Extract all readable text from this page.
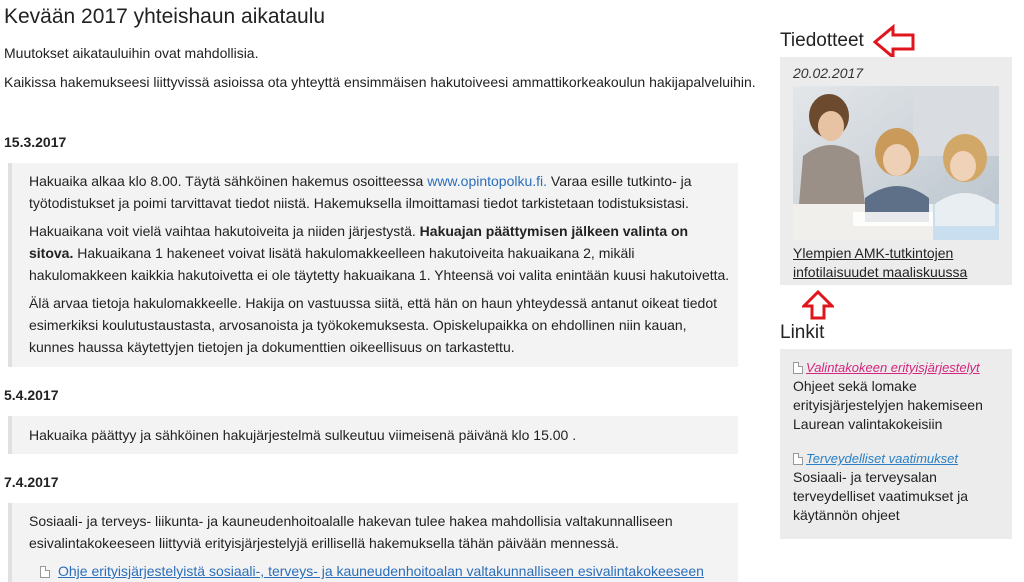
Kevään 2017 yhteishaun aikataulu

Muutokset aikatauluihin ovat mahdollisia.

Kaikissa hakemukseesi liittyvissä asioissa ota yhteyttä ensimmäisen hakutoiveesi ammattikorkeakoulun hakijapalveluihin.

15.3.2017

Hakuaika alkaa klo 8.00. Täytä sähköinen hakemus osoitteessa www.opintopolku.fi. Varaa esille tutkinto- ja työtodistukset ja poimi tarvittavat tiedot niistä. Hakemuksella ilmoittamasi tiedot tarkistetaan todistuksistasi.

Hakuaikana voit vielä vaihtaa hakutoiveita ja niiden järjestystä. Hakuajan päättymisen jälkeen valinta on sitova. Hakuaikana 1 hakeneet voivat lisätä hakulomakkeelleen hakutoiveita hakuaikana 2, mikäli hakulomakkeen kaikkia hakutoivetta ei ole täytetty hakuaikana 1. Yhteensä voi valita enintään kuusi hakutoivetta.

Älä arvaa tietoja hakulomakkeelle. Hakija on vastuussa siitä, että hän on haun yhteydessä antanut oikeat tiedot esimerkiksi koulutustaustasta, arvosanoista ja työkokemuksesta. Opiskelupaikka on ehdollinen niin kauan, kunnes haussa käytettyjen tietojen ja dokumenttien oikeellisuus on tarkastettu.

5.4.2017

Hakuaika päättyy ja sähköinen hakujärjestelmä sulkeutuu viimeisenä päivänä klo 15.00 .

7.4.2017

Sosiaali- ja terveys- liikunta- ja kauneudenhoitoalalle hakevan tulee hakea mahdollisia valtakunnalliseen esivalintakokeeseen liittyviä erityisjärjestelyjä erillisellä hakemuksella tähän päivään mennessä.

Ohje erityisjärjestelyistä sosiaali-, terveys- ja kauneudenhoitoalan valtakunnalliseen esivalintakokeeseen
Tiedotteet
20.02.2017
Ylempien AMK-tutkintojen infotilaisuudet maaliskuussa
Linkit
Valintakokeen erityisjärjestelyt
Ohjeet sekä lomake erityisjärjestelyjen hakemiseen Laurean valintakokeisiin
Terveydelliset vaatimukset
Sosiaali- ja terveysalan terveydelliset vaatimukset ja käytännön ohjeet
